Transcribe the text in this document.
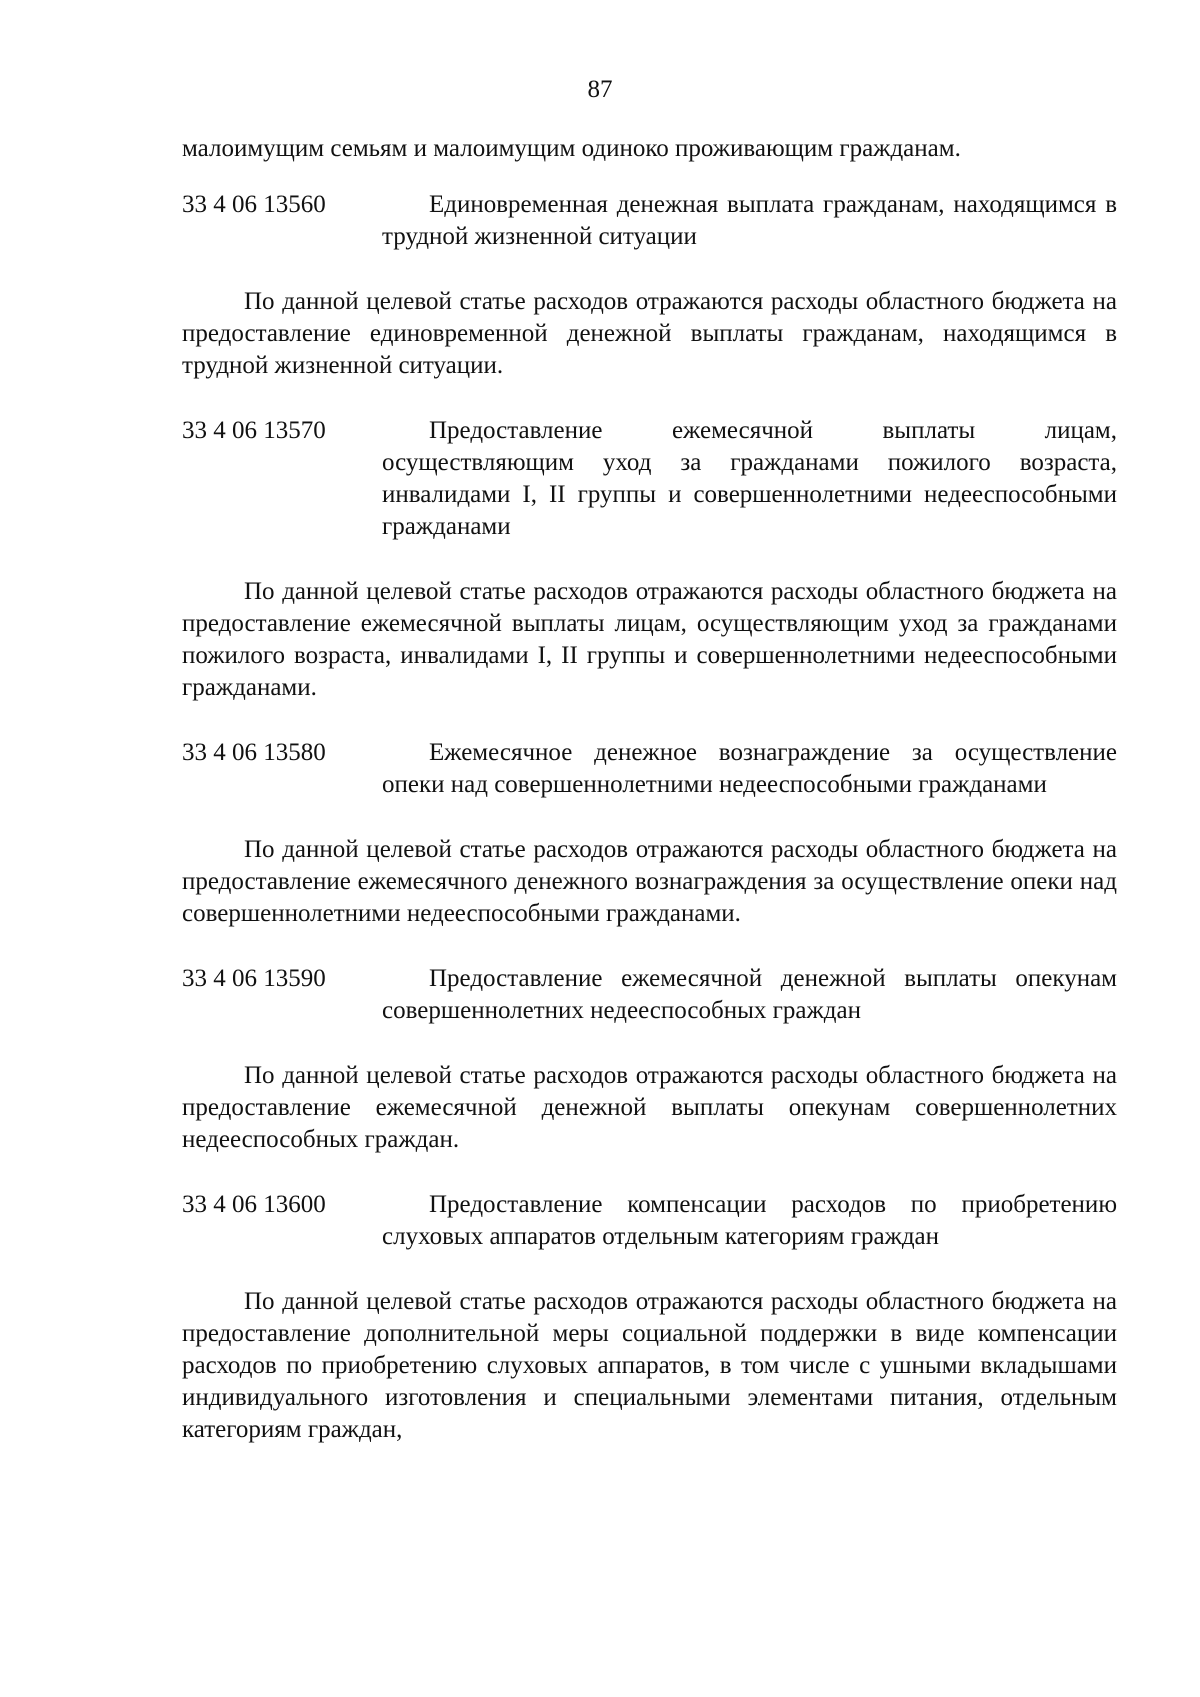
87

малоимущим семьям и малоимущим одиноко проживающим гражданам.

33 4 06 13560	Единовременная денежная выплата гражданам, находящимся в трудной жизненной ситуации

По данной целевой статье расходов отражаются расходы областного бюджета на предоставление единовременной денежной выплаты гражданам, находящимся в трудной жизненной ситуации.

33 4 06 13570	Предоставление ежемесячной выплаты лицам, осуществляющим уход за гражданами пожилого возраста, инвалидами I, II группы и совершеннолетними недееспособными гражданами

По данной целевой статье расходов отражаются расходы областного бюджета на предоставление ежемесячной выплаты лицам, осуществляющим уход за гражданами пожилого возраста, инвалидами I, II группы и совершеннолетними недееспособными гражданами.

33 4 06 13580	Ежемесячное денежное вознаграждение за осуществление опеки над совершеннолетними недееспособными гражданами

По данной целевой статье расходов отражаются расходы областного бюджета на предоставление ежемесячного денежного вознаграждения за осуществление опеки над совершеннолетними недееспособными гражданами.

33 4 06 13590	Предоставление ежемесячной денежной выплаты опекунам совершеннолетних недееспособных граждан

По данной целевой статье расходов отражаются расходы областного бюджета на предоставление ежемесячной денежной выплаты опекунам совершеннолетних недееспособных граждан.

33 4 06 13600	Предоставление компенсации расходов по приобретению слуховых аппаратов отдельным категориям граждан

По данной целевой статье расходов отражаются расходы областного бюджета на предоставление дополнительной меры социальной поддержки в виде компенсации расходов по приобретению слуховых аппаратов, в том числе с ушными вкладышами индивидуального изготовления и специальными элементами питания, отдельным категориям граждан,
